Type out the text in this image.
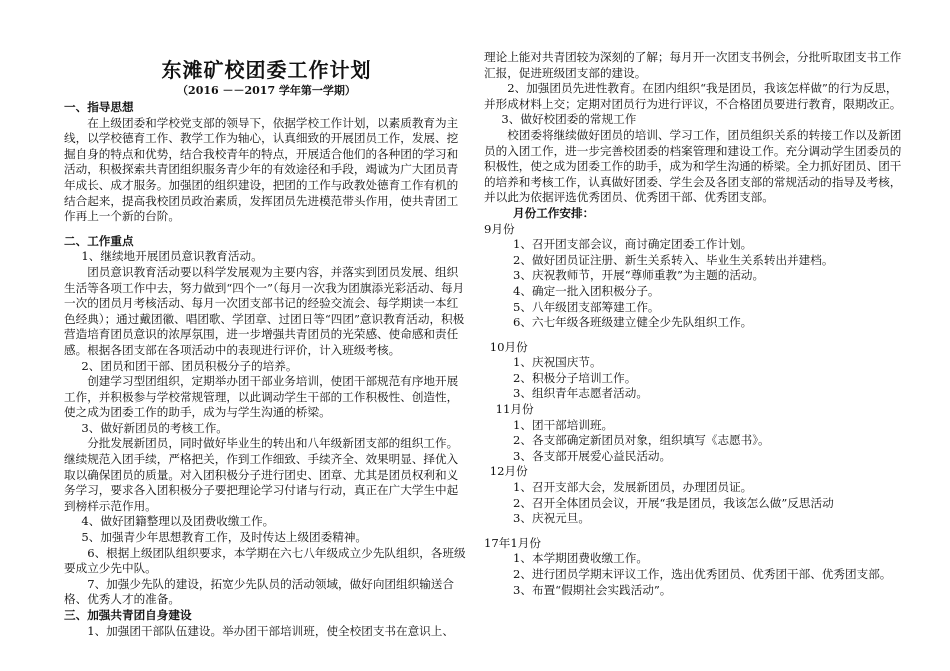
东滩矿校团委工作计划
（2016 －－2017 学年第一学期）
一、指导思想

在上级团委和学校党支部的领导下，依据学校工作计划，以素质教育为主线，以学校德育工作、教学工作为轴心，认真细致的开展团员工作，发展、挖掘自身的特点和优势，结合我校青年的特点，开展适合他们的各种团的学习和活动，积极探索共青团组织服务青少年的有效途径和手段，竭诚为广大团员青年成长、成才服务。加强团的组织建设，把团的工作与政教处德育工作有机的结合起来，提高我校团员政治素质，发挥团员先进模范带头作用，使共青团工作再上一个新的台阶。

二、工作重点
1、继续地开展团员意识教育活动。

团员意识教育活动要以科学发展观为主要内容，并落实到团员发展、组织生活等各项工作中去，努力做到“四个一”（每月一次我为团旗添光彩活动、每月一次的团员月考核活动、每月一次团支部书记的经验交流会、每学期读一本红色经典）；通过戴团徽、唱团歌、学团章、过团日等“四团”意识教育活动，积极营造培育团员意识的浓厚氛围，进一步增强共青团员的光荣感、使命感和责任感。根据各团支部在各项活动中的表现进行评价，计入班级考核。

2、团员和团干部、团员积极分子的培养。

创建学习型团组织，定期举办团干部业务培训，使团干部规范有序地开展工作，并积极参与学校常规管理，以此调动学生干部的工作积极性、创造性，使之成为团委工作的助手，成为与学生沟通的桥梁。

3、做好新团员的考核工作。

分批发展新团员，同时做好毕业生的转出和八年级新团支部的组织工作。继续规范入团手续，严格把关，作到工作细致、手续齐全、效果明显、择优入取以确保团员的质量。对入团积极分子进行团史、团章、尤其是团员权利和义务学习，要求各入团积极分子要把理论学习付诸与行动，真正在广大学生中起到榜样示范作用。

4、做好团籍整理以及团费收缴工作。
5、加强青少年思想教育工作，及时传达上级团委精神。

6、根据上级团队组织要求，本学期在六七八年级成立少先队组织，各班级要成立少先中队。

7、加强少先队的建设，拓宽少先队员的活动领域，做好向团组织输送合格、优秀人才的准备。

三、加强共青团自身建设

1、加强团干部队伍建设。举办团干部培训班，使全校团支书在意识上、

理论上能对共青团较为深刻的了解；每月开一次团支书例会，分批听取团支书工作汇报，促进班级团支部的建设。

2、加强团员先进性教育。在团内组织“我是团员，我该怎样做”的行为反思，并形成材料上交；定期对团员行为进行评议，不合格团员要进行教育，限期改正。

3、做好校团委的常规工作

校团委将继续做好团员的培训、学习工作，团员组织关系的转接工作以及新团员的入团工作，进一步完善校团委的档案管理和建设工作。充分调动学生团委员的积极性，使之成为团委工作的助手，成为和学生沟通的桥梁。全力抓好团员、团干的培养和考核工作，认真做好团委、学生会及各团支部的常规活动的指导及考核，并以此为依据评选优秀团员、优秀团干部、优秀团支部。

月份工作安排：
9月份
1、召开团支部会议，商讨确定团委工作计划。
2、做好团员证注册、新生关系转入、毕业生关系转出并建档。
3、庆祝教师节，开展“尊师重教”为主题的活动。
4、确定一批入团积极分子。
5、八年级团支部筹建工作。
6、六七年级各班级建立健全少先队组织工作。
10月份
1、庆祝国庆节。
2、积极分子培训工作。
3、组织青年志愿者活动。
11月份
1、团干部培训班。
2、各支部确定新团员对象，组织填写《志愿书》。
3、各支部开展爱心益民活动。
12月份
1、召开支部大会，发展新团员，办理团员证。
2、召开全体团员会议，开展“我是团员，我该怎么做”反思活动
3、庆祝元旦。
17年1月份
1、本学期团费收缴工作。
2、进行团员学期末评议工作，选出优秀团员、优秀团干部、优秀团支部。
3、布置“假期社会实践活动”。
